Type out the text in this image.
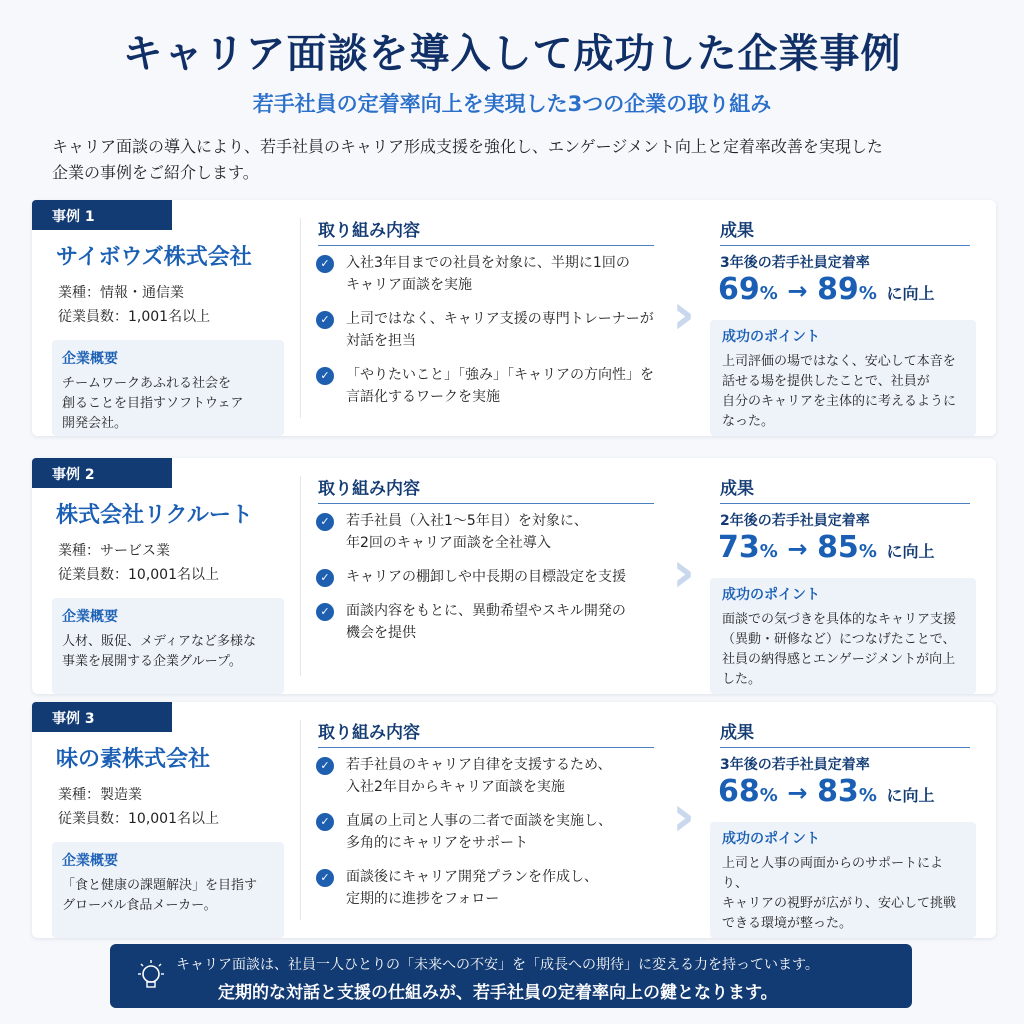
キャリア面談を導入して成功した企業事例
若手社員の定着率向上を実現した3つの企業の取り組み
キャリア面談の導入により、若手社員のキャリア形成支援を強化し、エンゲージメント向上と定着率改善を実現した
企業の事例をご紹介します。
事例 1
サイボウズ株式会社
業種：情報・通信業
従業員数：1,001名以上
企業概要
チームワークあふれる社会を
創ることを目指すソフトウェア
開発会社。
取り組み内容
✓	入社3年目までの社員を対象に、半期に1回の
キャリア面談を実施
✓	上司ではなく、キャリア支援の専門トレーナーが
対話を担当
✓	「やりたいこと」「強み」「キャリアの方向性」を
言語化するワークを実施
›
成果
3年後の若手社員定着率
69% → 89% に向上
成功のポイント
上司評価の場ではなく、安心して本音を
話せる場を提供したことで、社員が
自分のキャリアを主体的に考えるように
なった。
事例 2
株式会社リクルート
業種：サービス業
従業員数：10,001名以上
企業概要
人材、販促、メディアなど多様な
事業を展開する企業グループ。
取り組み内容
✓	若手社員（入社1〜5年目）を対象に、
年2回のキャリア面談を全社導入
✓	キャリアの棚卸しや中長期の目標設定を支援
✓	面談内容をもとに、異動希望やスキル開発の
機会を提供
›
成果
2年後の若手社員定着率
73% → 85% に向上
成功のポイント
面談での気づきを具体的なキャリア支援
（異動・研修など）につなげたことで、
社員の納得感とエンゲージメントが向上
した。
事例 3
味の素株式会社
業種：製造業
従業員数：10,001名以上
企業概要
「食と健康の課題解決」を目指す
グローバル食品メーカー。
取り組み内容
✓	若手社員のキャリア自律を支援するため、
入社2年目からキャリア面談を実施
✓	直属の上司と人事の二者で面談を実施し、
多角的にキャリアをサポート
✓	面談後にキャリア開発プランを作成し、
定期的に進捗をフォロー
›
成果
3年後の若手社員定着率
68% → 83% に向上
成功のポイント
上司と人事の両面からのサポートにより、
キャリアの視野が広がり、安心して挑戦
できる環境が整った。
キャリア面談は、社員一人ひとりの「未来への不安」を「成長への期待」に変える力を持っています。
定期的な対話と支援の仕組みが、若手社員の定着率向上の鍵となります。
